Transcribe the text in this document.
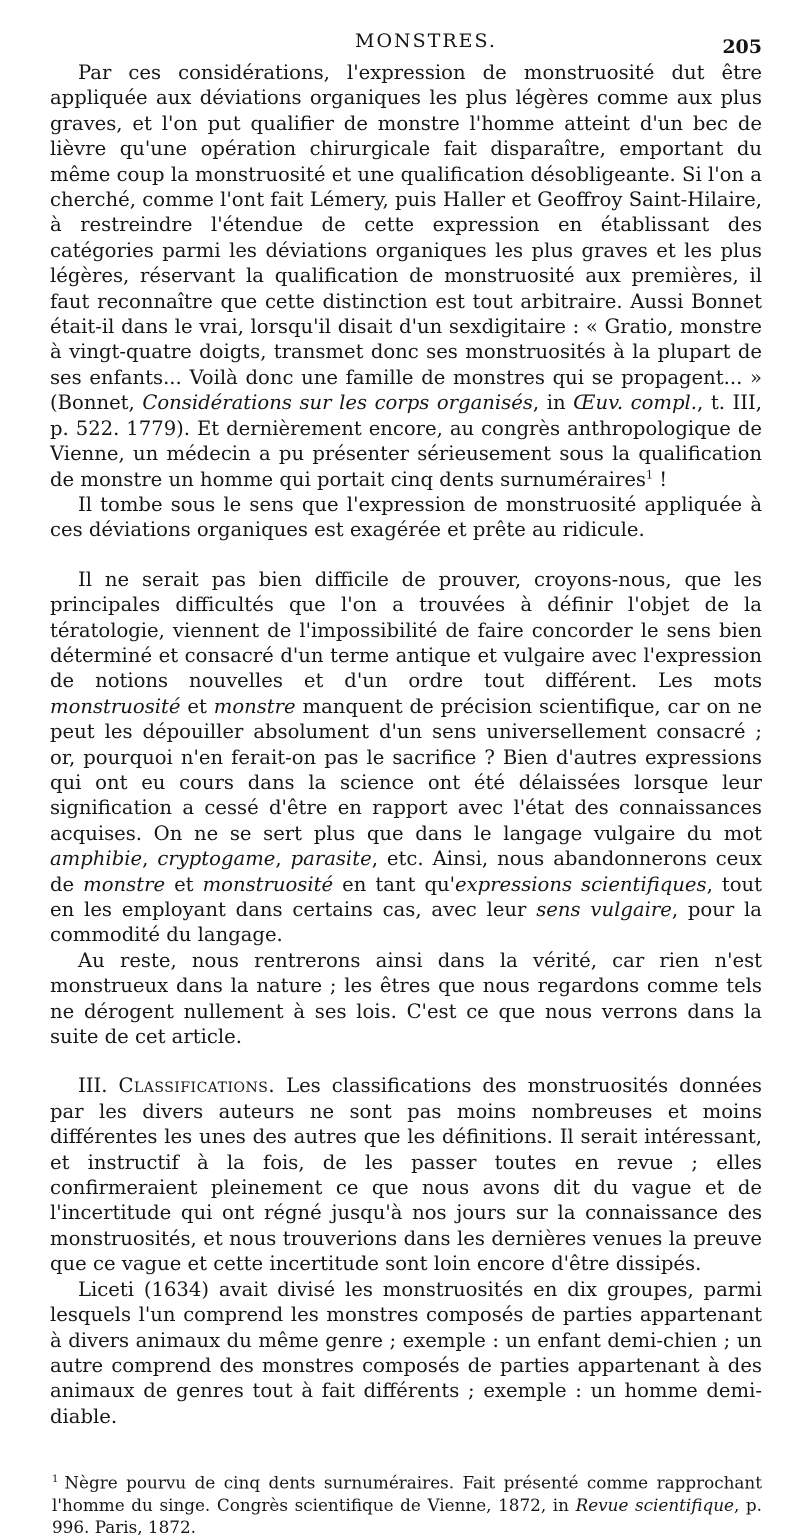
MONSTRES.	205

Par ces considérations, l'expression de monstruosité dut être appliquée aux déviations organiques les plus légères comme aux plus graves, et l'on put qualifier de monstre l'homme atteint d'un bec de lièvre qu'une opération chirurgicale fait disparaître, emportant du même coup la monstruosité et une qualification désobligeante. Si l'on a cherché, comme l'ont fait Lémery, puis Haller et Geoffroy Saint-Hilaire, à restreindre l'étendue de cette expression en établissant des catégories parmi les déviations organiques les plus graves et les plus légères, réservant la qualification de monstruosité aux premières, il faut reconnaître que cette distinction est tout arbitraire. Aussi Bonnet était-il dans le vrai, lorsqu'il disait d'un sexdigitaire : « Gratio, monstre à vingt-quatre doigts, transmet donc ses monstruosités à la plupart de ses enfants... Voilà donc une famille de monstres qui se propagent... » (Bonnet, Considérations sur les corps organisés, in Œuv. compl., t. III, p. 522. 1779). Et dernièrement encore, au congrès anthropologique de Vienne, un médecin a pu présenter sérieusement sous la qualification de monstre un homme qui portait cinq dents surnuméraires$^1$ !

Il tombe sous le sens que l'expression de monstruosité appliquée à ces déviations organiques est exagérée et prête au ridicule.

Il ne serait pas bien difficile de prouver, croyons-nous, que les principales difficultés que l'on a trouvées à définir l'objet de la tératologie, viennent de l'impossibilité de faire concorder le sens bien déterminé et consacré d'un terme antique et vulgaire avec l'expression de notions nouvelles et d'un ordre tout différent. Les mots monstruosité et monstre manquent de précision scientifique, car on ne peut les dépouiller absolument d'un sens universellement consacré ; or, pourquoi n'en ferait-on pas le sacrifice ? Bien d'autres expressions qui ont eu cours dans la science ont été délaissées lorsque leur signification a cessé d'être en rapport avec l'état des connaissances acquises. On ne se sert plus que dans le langage vulgaire du mot amphibie, cryptogame, parasite, etc. Ainsi, nous abandonnerons ceux de monstre et monstruosité en tant qu'expressions scientifiques, tout en les employant dans certains cas, avec leur sens vulgaire, pour la commodité du langage.

Au reste, nous rentrerons ainsi dans la vérité, car rien n'est monstrueux dans la nature ; les êtres que nous regardons comme tels ne dérogent nullement à ses lois. C'est ce que nous verrons dans la suite de cet article.

III. Classifications. Les classifications des monstruosités données par les divers auteurs ne sont pas moins nombreuses et moins différentes les unes des autres que les définitions. Il serait intéressant, et instructif à la fois, de les passer toutes en revue ; elles confirmeraient pleinement ce que nous avons dit du vague et de l'incertitude qui ont régné jusqu'à nos jours sur la connaissance des monstruosités, et nous trouverions dans les dernières venues la preuve que ce vague et cette incertitude sont loin encore d'être dissipés.

Liceti (1634) avait divisé les monstruosités en dix groupes, parmi lesquels l'un comprend les monstres composés de parties appartenant à divers animaux du même genre ; exemple : un enfant demi-chien ; un autre comprend des monstres composés de parties appartenant à des animaux de genres tout à fait différents ; exemple : un homme demi-diable.

$^1$ Nègre pourvu de cinq dents surnuméraires. Fait présenté comme rapprochant l'homme du singe. Congrès scientifique de Vienne, 1872, in Revue scientifique, p. 996. Paris, 1872.
